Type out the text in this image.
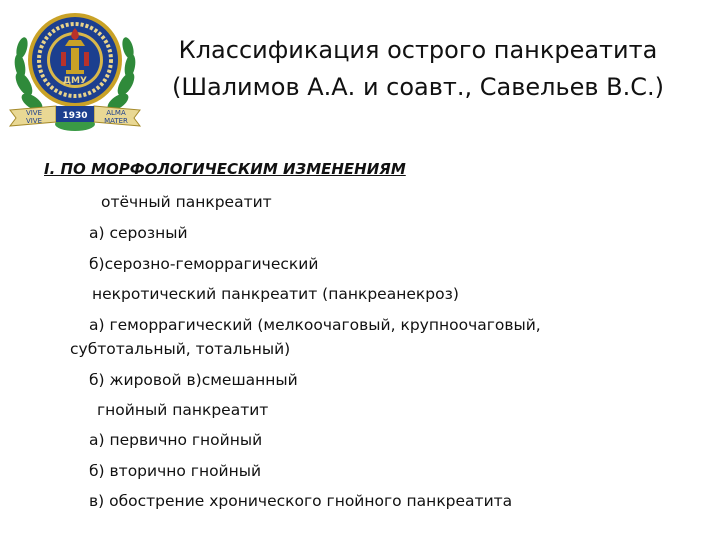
ДМУ
VIVE
VIVE
ALMA
MATER
1930
Классификация острого панкреатита
(Шалимов А.А. и соавт., Савельев В.С.)
I. ПО МОРФОЛОГИЧЕСКИМ ИЗМЕНЕНИЯМ
отёчный панкреатит
а) серозный
б)серозно-геморрагический
некротический панкреатит (панкреанекроз)
а) геморрагический (мелкоочаговый, крупноочаговый,
субтотальный, тотальный)
б) жировой в)смешанный
гнойный панкреатит
а) первично гнойный
б) вторично гнойный
в) обострение хронического гнойного панкреатита
